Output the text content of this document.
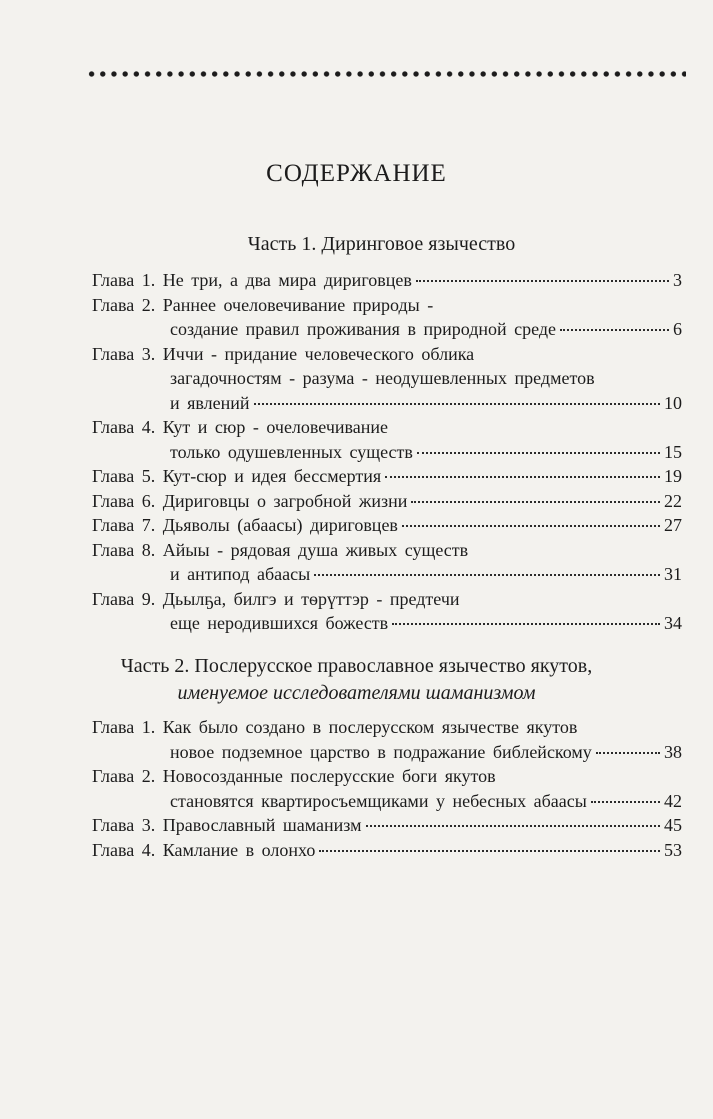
СОДЕРЖАНИЕ
Часть 1. Диринговое язычество
Глава 1. Не три, а два мира дириговцев	3
Глава 2. Раннее очеловечивание природы -
создание правил проживания в природной среде	6
Глава 3. Иччи - придание человеческого облика
загадочностям - разума - неодушевленных предметов
и явлений	10
Глава 4. Кут и сюр - очеловечивание
только одушевленных существ	15
Глава 5. Кут-сюр и идея бессмертия	19
Глава 6. Дириговцы о загробной жизни	22
Глава 7. Дьяволы (абаасы) дириговцев	27
Глава 8. Айыы - рядовая душа живых существ
и антипод абаасы	31
Глава 9. Дьылҕа, билгэ и тѳрүттэр - предтечи
еще неродившихся божеств	34
Часть 2. Послерусское православное язычество якутов,
именуемое исследователями шаманизмом
Глава 1. Как было создано в послерусском язычестве якутов
новое подземное царство в подражание библейскому	38
Глава 2. Новосозданные послерусские боги якутов
становятся квартиросъемщиками у небесных абаасы	42
Глава 3. Православный шаманизм	45
Глава 4. Камлание в олонхо	53
